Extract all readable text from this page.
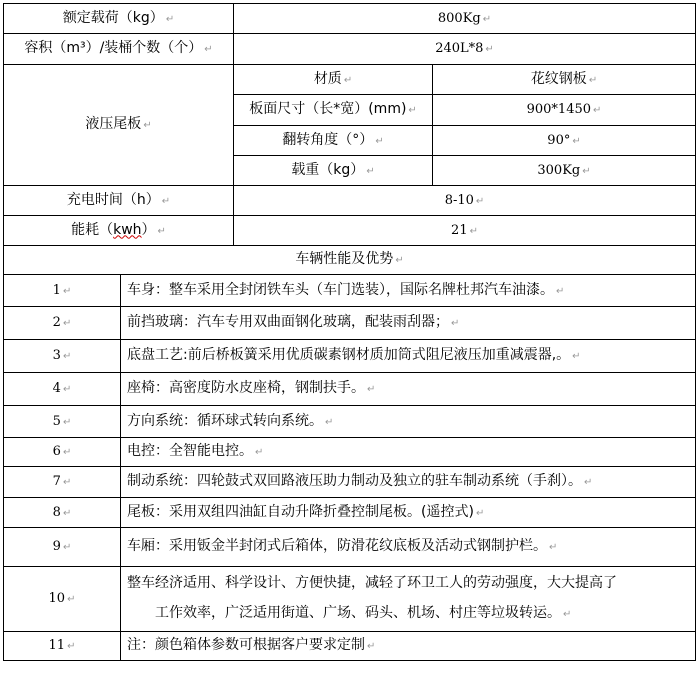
额定载荷（kg） ↵		800Kg ↵	
容积（m³）/装桶个数（个） ↵		240L*8 ↵	
液压尾板 ↵		材质 ↵	花纹钢板 ↵
		板面尺寸（长*宽）(mm) ↵	900*1450 ↵
		翻转角度（°） ↵	90° ↵
		载重（kg） ↵	300Kg ↵
充电时间（h） ↵		8-10 ↵	
能耗（kwh） ↵		21 ↵	
车辆性能及优势 ↵			
1 ↵	车身：整车采用全封闭铁车头（车门选装），国际名牌杜邦汽车油漆。 ↵		
2 ↵	前挡玻璃：汽车专用双曲面钢化玻璃，配装雨刮器； ↵		
3 ↵	底盘工艺:前后桥板簧采用优质碳素钢材质加筒式阻尼液压加重减震器,。 ↵		
4 ↵	座椅：高密度防水皮座椅，钢制扶手。 ↵		
5 ↵	方向系统：循环球式转向系统。 ↵		
6 ↵	电控：全智能电控。 ↵		
7 ↵	制动系统：四轮鼓式双回路液压助力制动及独立的驻车制动系统（手刹）。 ↵		
8 ↵	尾板：采用双组四油缸自动升降折叠控制尾板。(遥控式) ↵		
9 ↵	车厢：采用钣金半封闭式后箱体，防滑花纹底板及活动式钢制护栏。 ↵		
10 ↵	整车经济适用、科学设计、方便快捷，减轻了环卫工人的劳动强度，大大提高了
工作效率，广泛适用街道、广场、码头、机场、村庄等垃圾转运。 ↵		

11 ↵	注：颜色箱体参数可根据客户要求定制 ↵		
